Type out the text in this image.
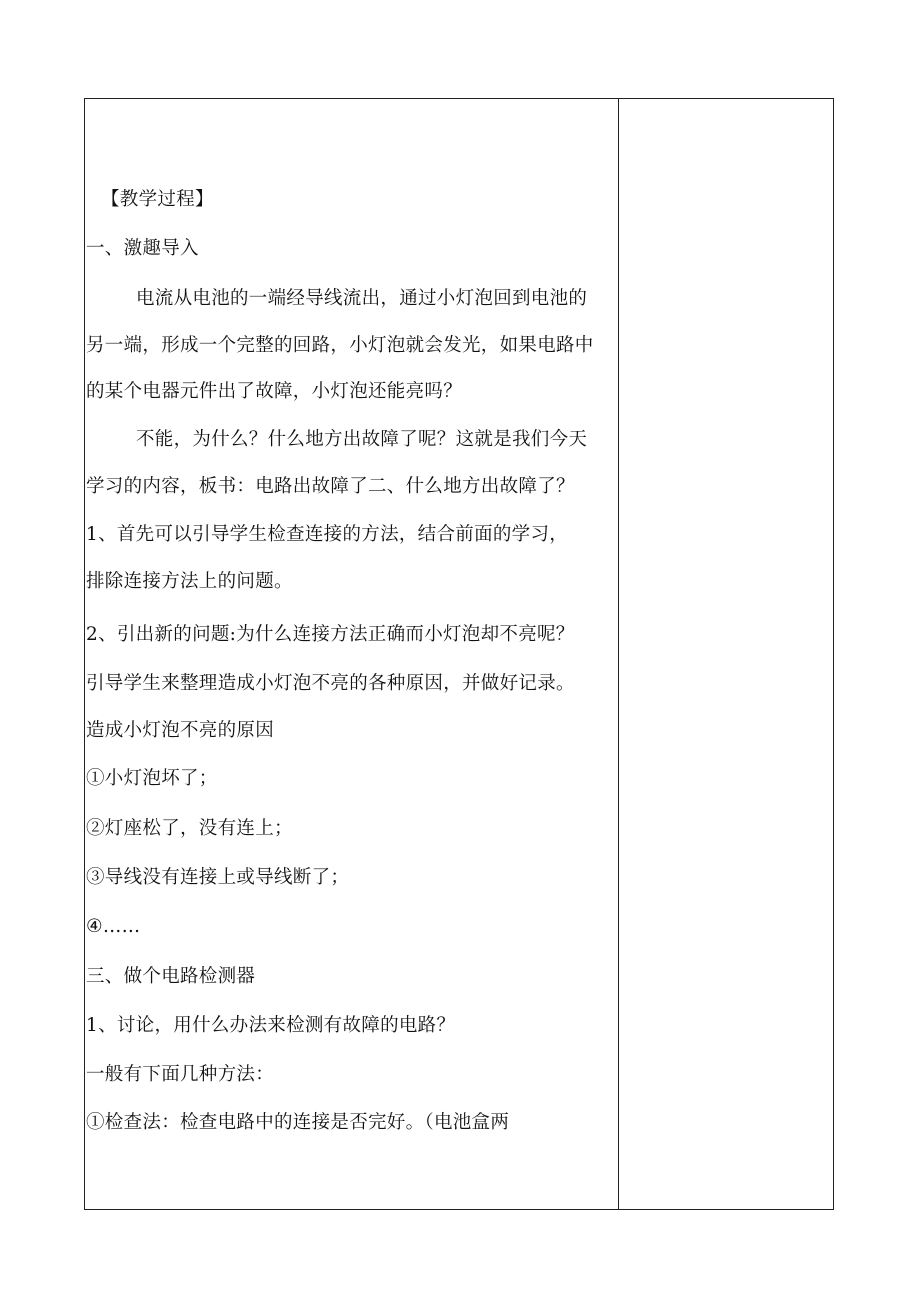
【教学过程】
一、激趣导入
电流从电池的一端经导线流出，通过小灯泡回到电池的
另一端，形成一个完整的回路，小灯泡就会发光，如果电路中
的某个电器元件出了故障，小灯泡还能亮吗？
不能，为什么？什么地方出故障了呢？这就是我们今天
学习的内容，板书：电路出故障了二、什么地方出故障了？
1、首先可以引导学生检查连接的方法，结合前面的学习，
排除连接方法上的问题。
2、引出新的问题:为什么连接方法正确而小灯泡却不亮呢？
引导学生来整理造成小灯泡不亮的各种原因，并做好记录。
造成小灯泡不亮的原因
①小灯泡坏了；
②灯座松了，没有连上；
③导线没有连接上或导线断了；
④……
三、做个电路检测器
1、讨论，用什么办法来检测有故障的电路？
一般有下面几种方法：
①检查法：检查电路中的连接是否完好。（电池盒两
